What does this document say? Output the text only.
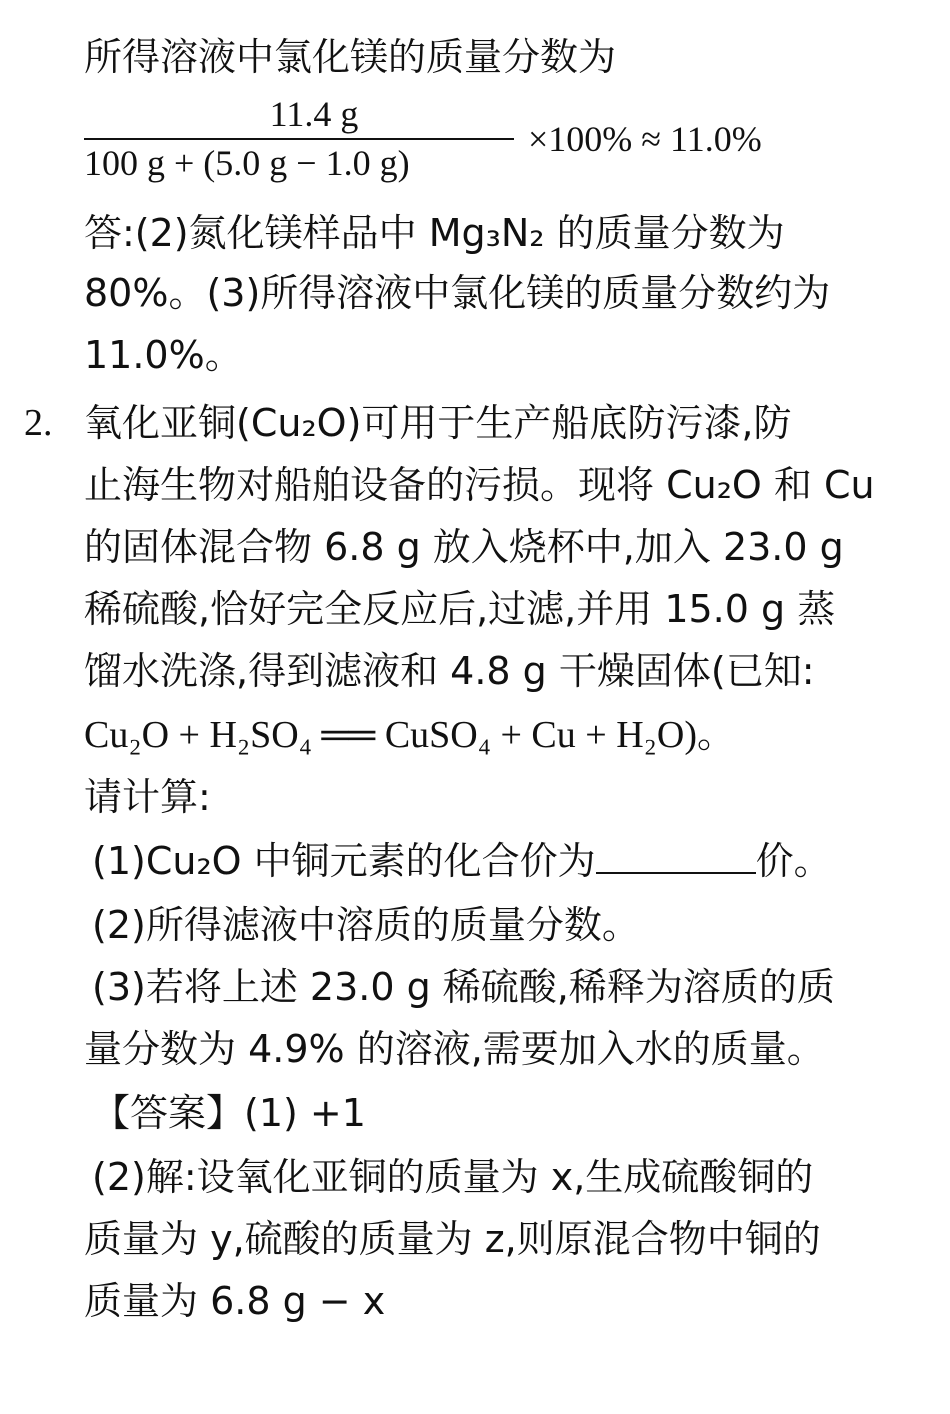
所得溶液中氯化镁的质量分数为
11.4 g
100 g + (5.0 g − 1.0 g)
×100% ≈ 11.0%
答:(2)氮化镁样品中 Mg₃N₂ 的质量分数为
80%。(3)所得溶液中氯化镁的质量分数约为
11.0%。
2. 氧化亚铜(Cu₂O)可用于生产船底防污漆,防
止海生物对船舶设备的污损。现将 Cu₂O 和 Cu
的固体混合物 6.8 g 放入烧杯中,加入 23.0 g
稀硫酸,恰好完全反应后,过滤,并用 15.0 g 蒸
馏水洗涤,得到滤液和 4.8 g 干燥固体(已知:
Cu₂O + H₂SO₄ ══ CuSO₄ + Cu + H₂O)。
请计算:
(1)Cu₂O 中铜元素的化合价为	价。
(2)所得滤液中溶质的质量分数。
(3)若将上述 23.0 g 稀硫酸,稀释为溶质的质
量分数为 4.9% 的溶液,需要加入水的质量。
【答案】(1) +1
(2)解:设氧化亚铜的质量为 x,生成硫酸铜的
质量为 y,硫酸的质量为 z,则原混合物中铜的
质量为 6.8 g − x
